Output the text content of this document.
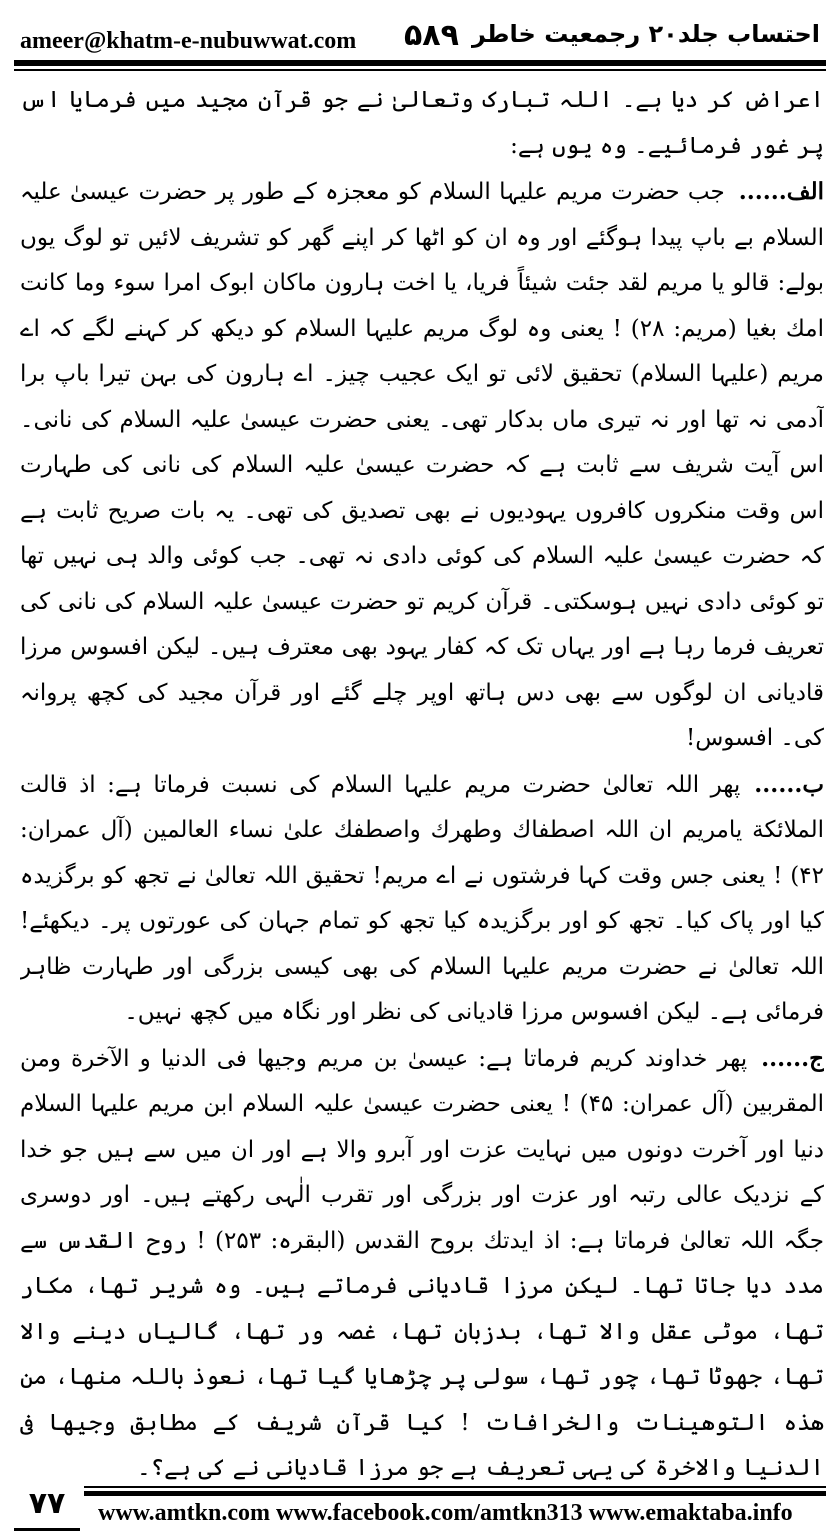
ameer@khatm-e-nubuwwat.com ۵۸۹ احتساب جلد۲۰ رجمعیت خاطر

اعراض کر دیا ہے۔ اللہ تبارک وتعالیٰ نے جو قرآن مجید میں فرمایا اس پر غور فرمائیے۔ وہ یوں ہے:

الف......جب حضرت مریم علیہا السلام کو معجزہ کے طور پر حضرت عیسیٰ علیہ السلام بے باپ پیدا ہوگئے اور وہ ان کو اٹھا کر اپنے گھر کو تشریف لائیں تو لوگ یوں بولے: قالو یا مریم لقد جئت شیئاً فریا، یا اخت ہارون ماکان ابوک امرا سوء وما کانت امك بغیا (مریم: ۲۸) ! یعنی وہ لوگ مریم علیہا السلام کو دیکھ کر کہنے لگے کہ اے مریم (علیہا السلام) تحقیق لائی تو ایک عجیب چیز۔ اے ہارون کی بہن تیرا باپ برا آدمی نہ تھا اور نہ تیری ماں بدکار تھی۔ یعنی حضرت عیسیٰ علیہ السلام کی نانی۔ اس آیت شریف سے ثابت ہے کہ حضرت عیسیٰ علیہ السلام کی نانی کی طہارت اس وقت منکروں کافروں یہودیوں نے بھی تصدیق کی تھی۔ یہ بات صریح ثابت ہے کہ حضرت عیسیٰ علیہ السلام کی کوئی دادی نہ تھی۔ جب کوئی والد ہی نہیں تھا تو کوئی دادی نہیں ہوسکتی۔ قرآن کریم تو حضرت عیسیٰ علیہ السلام کی نانی کی تعریف فرما رہا ہے اور یہاں تک کہ کفار یہود بھی معترف ہیں۔ لیکن افسوس مرزا قادیانی ان لوگوں سے بھی دس ہاتھ اوپر چلے گئے اور قرآن مجید کی کچھ پروانہ کی۔ افسوس!

ب......پھر اللہ تعالیٰ حضرت مریم علیہا السلام کی نسبت فرماتا ہے: اذ قالت الملائکة یامریم ان اللہ اصطفاك وطهرك واصطفك علیٰ نساء العالمین (آل عمران: ۴۲) ! یعنی جس وقت کہا فرشتوں نے اے مریم! تحقیق اللہ تعالیٰ نے تجھ کو برگزیدہ کیا اور پاک کیا۔ تجھ کو اور برگزیدہ کیا تجھ کو تمام جہان کی عورتوں پر۔ دیکھئے! اللہ تعالیٰ نے حضرت مریم علیہا السلام کی بھی کیسی بزرگی اور طہارت ظاہر فرمائی ہے۔ لیکن افسوس مرزا قادیانی کی نظر اور نگاہ میں کچھ نہیں۔

ج......پھر خداوند کریم فرماتا ہے: عیسیٰ بن مریم وجیھا فی الدنیا و الآخرة ومن المقربین (آل عمران: ۴۵) ! یعنی حضرت عیسیٰ علیہ السلام ابن مریم علیہا السلام دنیا اور آخرت دونوں میں نہایت عزت اور آبرو والا ہے اور ان میں سے ہیں جو خدا کے نزدیک عالی رتبہ اور عزت اور بزرگی اور تقرب الٰہی رکھتے ہیں۔ اور دوسری جگہ اللہ تعالیٰ فرماتا ہے: اذ ایدتك بروح القدس (البقرہ: ۲۵۳) ! روح القدس سے مدد دیا جاتا تھا۔ لیکن مرزا قادیانی فرماتے ہیں۔ وہ شریر تھا، مکار تھا، موٹی عقل والا تھا، بدزبان تھا، غصہ ور تھا، گالیاں دینے والا تھا، جھوٹا تھا، چور تھا، سولی پر چڑھایا گیا تھا، نعوذ باللہ منھا، من ھذہ التوھینات والخرافات ! کیا قرآن شریف کے مطابق وجیھا فی الدنیا والاخرة کی یہی تعریف ہے جو مرزا قادیانی نے کی ہے؟۔

۷۷	www.amtkn.com www.facebook.com/amtkn313 www.emaktaba.info
